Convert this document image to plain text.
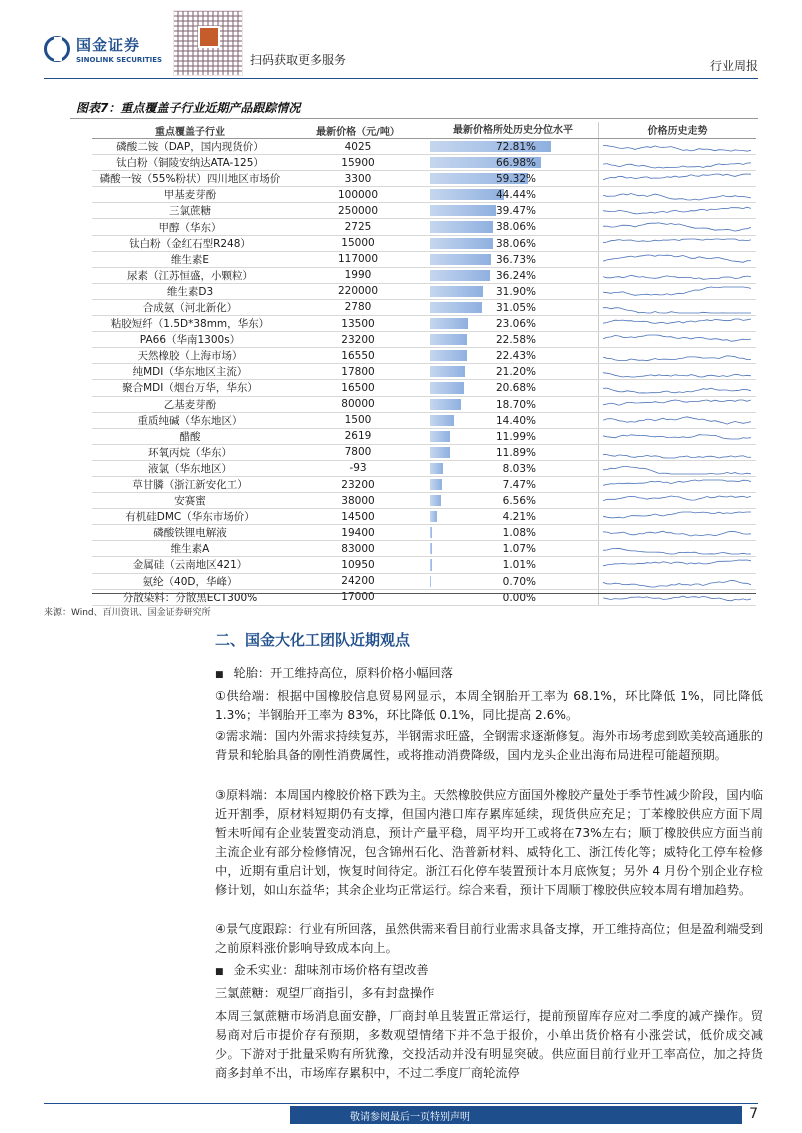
国金证券
SINOLINK SECURITIES	扫码获取更多服务	行业周报
图表7：重点覆盖子行业近期产品跟踪情况
重点覆盖子行业	最新价格（元/吨）	最新价格所处历史分位水平	价格历史走势
磷酸二铵（DAP，国内现货价）	4025	72.81%
钛白粉（铜陵安纳达ATA-125）	15900	66.98%
磷酸一铵（55%粉状）四川地区市场价	3300	59.32%
甲基麦芽酚	100000	44.44%
三氯蔗糖	250000	39.47%
甲醇（华东）	2725	38.06%
钛白粉（金红石型R248）	15000	38.06%
维生素E	117000	36.73%
尿素（江苏恒盛，小颗粒）	1990	36.24%
维生素D3	220000	31.90%
合成氨（河北新化）	2780	31.05%
粘胶短纤（1.5D*38mm，华东）	13500	23.06%
PA66（华南1300s）	23200	22.58%
天然橡胶（上海市场）	16550	22.43%
纯MDI（华东地区主流）	17800	21.20%
聚合MDI（烟台万华，华东）	16500	20.68%
乙基麦芽酚	80000	18.70%
重质纯碱（华东地区）	1500	14.40%
醋酸	2619	11.99%
环氧丙烷（华东）	7800	11.89%
液氯（华东地区）	-93	8.03%
草甘膦（浙江新安化工）	23200	7.47%
安赛蜜	38000	6.56%
有机硅DMC（华东市场价）	14500	4.21%
磷酸铁锂电解液	19400	1.08%
维生素A	83000	1.07%
金属硅（云南地区421）	10950	1.01%
氨纶（40D，华峰）	24200	0.70%
分散染料：分散黑ECT300%	17000	0.00%
来源：Wind、百川资讯、国金证券研究所
二、国金大化工团队近期观点
■ 轮胎：开工维持高位，原料价格小幅回落
①供给端：根据中国橡胶信息贸易网显示，本周全钢胎开工率为 68.1%，环比降低 1%，同比降低 1.3%；半钢胎开工率为 83%，环比降低 0.1%，同比提高 2.6%。
②需求端：国内外需求持续复苏，半钢需求旺盛，全钢需求逐渐修复。海外市场考虑到欧美较高通胀的背景和轮胎具备的刚性消费属性，或将推动消费降级，国内龙头企业出海布局进程可能超预期。
③原料端：本周国内橡胶价格下跌为主。天然橡胶供应方面国外橡胶产量处于季节性减少阶段，国内临近开割季，原材料短期仍有支撑，但国内港口库存累库延续，现货供应充足；丁苯橡胶供应方面下周暂未听闻有企业装置变动消息，预计产量平稳，周平均开工或将在73%左右；顺丁橡胶供应方面当前主流企业有部分检修情况，包含锦州石化、浩普新材料、威特化工、浙江传化等；威特化工停车检修中，近期有重启计划，恢复时间待定。浙江石化停车装置预计本月底恢复；另外 4 月份个别企业存检修计划，如山东益华；其余企业均正常运行。综合来看，预计下周顺丁橡胶供应较本周有增加趋势。
④景气度跟踪：行业有所回落，虽然供需来看目前行业需求具备支撑，开工维持高位；但是盈利端受到之前原料涨价影响导致成本向上。
■ 金禾实业：甜味剂市场价格有望改善
三氯蔗糖：观望厂商指引，多有封盘操作
本周三氯蔗糖市场消息面安静，厂商封单且装置正常运行，提前预留库存应对二季度的减产操作。贸易商对后市提价存有预期，多数观望情绪下并不急于报价，小单出货价格有小涨尝试，低价成交减少。下游对于批量采购有所犹豫，交投活动并没有明显突破。供应面目前行业开工率高位，加之持货商多封单不出，市场库存累积中，不过二季度厂商轮流停
敬请参阅最后一页特别声明	7
